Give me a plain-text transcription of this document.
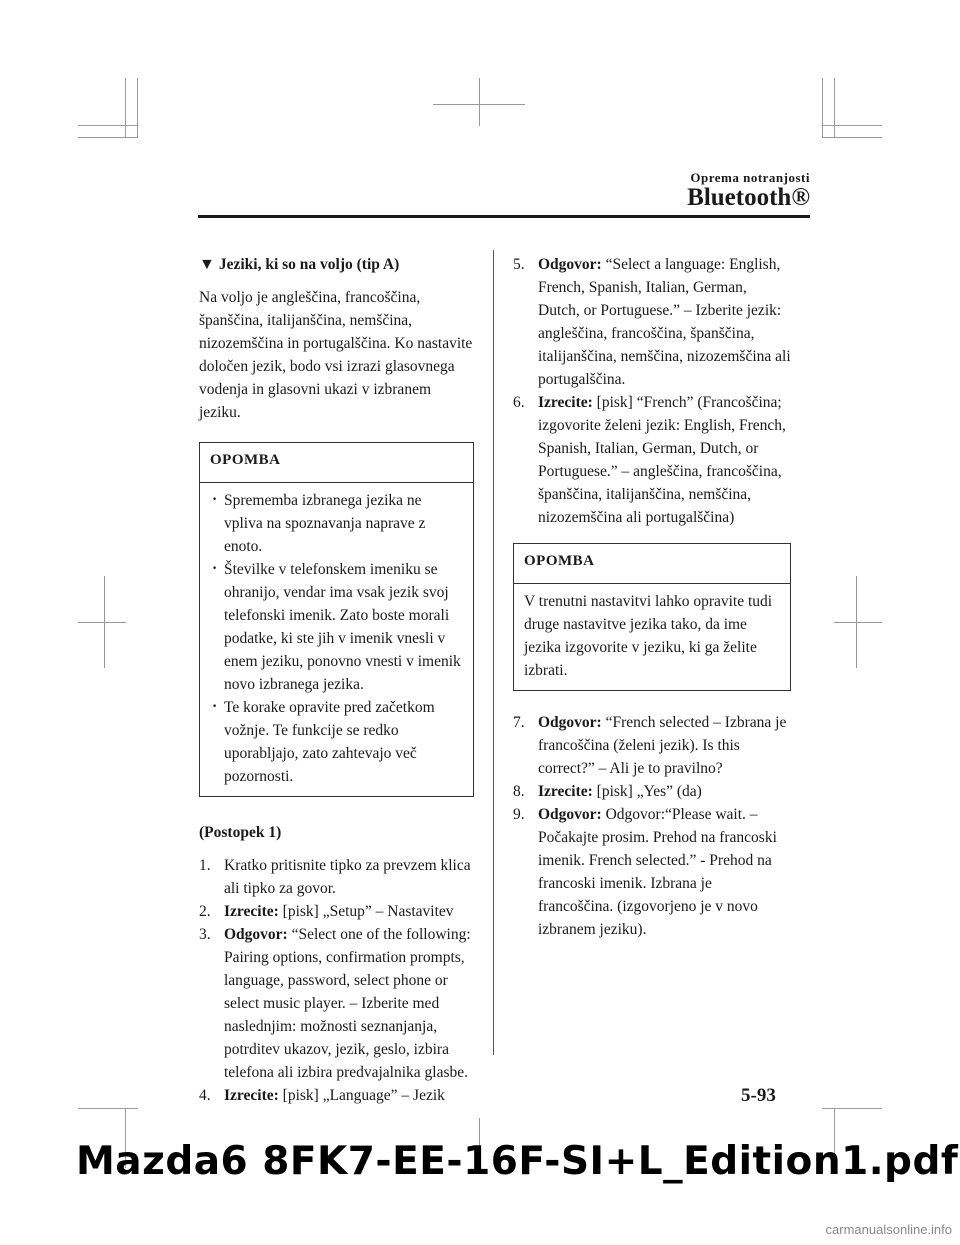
Oprema notranjosti
Bluetooth®
▼ Jeziki, ki so na voljo (tip A)

Na voljo je angleščina, francoščina, španščina, italijanščina, nemščina, nizozemščina in portugalščina. Ko nastavite določen jezik, bodo vsi izrazi glasovnega vodenja in glasovni ukazi v izbranem jeziku.

OPOMBA
· Sprememba izbranega jezika ne vpliva na spoznavanja naprave z enoto.
· Številke v telefonskem imeniku se ohranijo, vendar ima vsak jezik svoj telefonski imenik. Zato boste morali podatke, ki ste jih v imenik vnesli v enem jeziku, ponovno vnesti v imenik novo izbranega jezika.
· Te korake opravite pred začetkom vožnje. Te funkcije se redko uporabljajo, zato zahtevajo več pozornosti.
(Postopek 1)
1. Kratko pritisnite tipko za prevzem klica ali tipko za govor.
2. Izrecite: [pisk] „Setup” – Nastavitev
3. Odgovor: “Select one of the following: Pairing options, confirmation prompts, language, password, select phone or select music player. – Izberite med naslednjim: možnosti seznanjanja, potrditev ukazov, jezik, geslo, izbira telefona ali izbira predvajalnika glasbe.
4. Izrecite: [pisk] „Language” – Jezik
5. Odgovor: “Select a language: English, French, Spanish, Italian, German, Dutch, or Portuguese.” – Izberite jezik: angleščina, francoščina, španščina, italijanščina, nemščina, nizozemščina ali portugalščina.
6. Izrecite: [pisk] “French” (Francoščina; izgovorite želeni jezik: English, French, Spanish, Italian, German, Dutch, or Portuguese.” – angleščina, francoščina, španščina, italijanščina, nemščina, nizozemščina ali portugalščina)
OPOMBA
V trenutni nastavitvi lahko opravite tudi druge nastavitve jezika tako, da ime jezika izgovorite v jeziku, ki ga želite izbrati.
7. Odgovor: “French selected – Izbrana je francoščina (želeni jezik). Is this correct?” – Ali je to pravilno?
8. Izrecite: [pisk] „Yes” (da)
9. Odgovor: Odgovor:“Please wait. – Počakajte prosim. Prehod na francoski imenik. French selected.” - Prehod na francoski imenik. Izbrana je francoščina. (izgovorjeno je v novo izbranem jeziku).
5-93
Mazda6 8FK7-EE-16F-SI+L_Edition1.pdf
carmanualsonline.info
